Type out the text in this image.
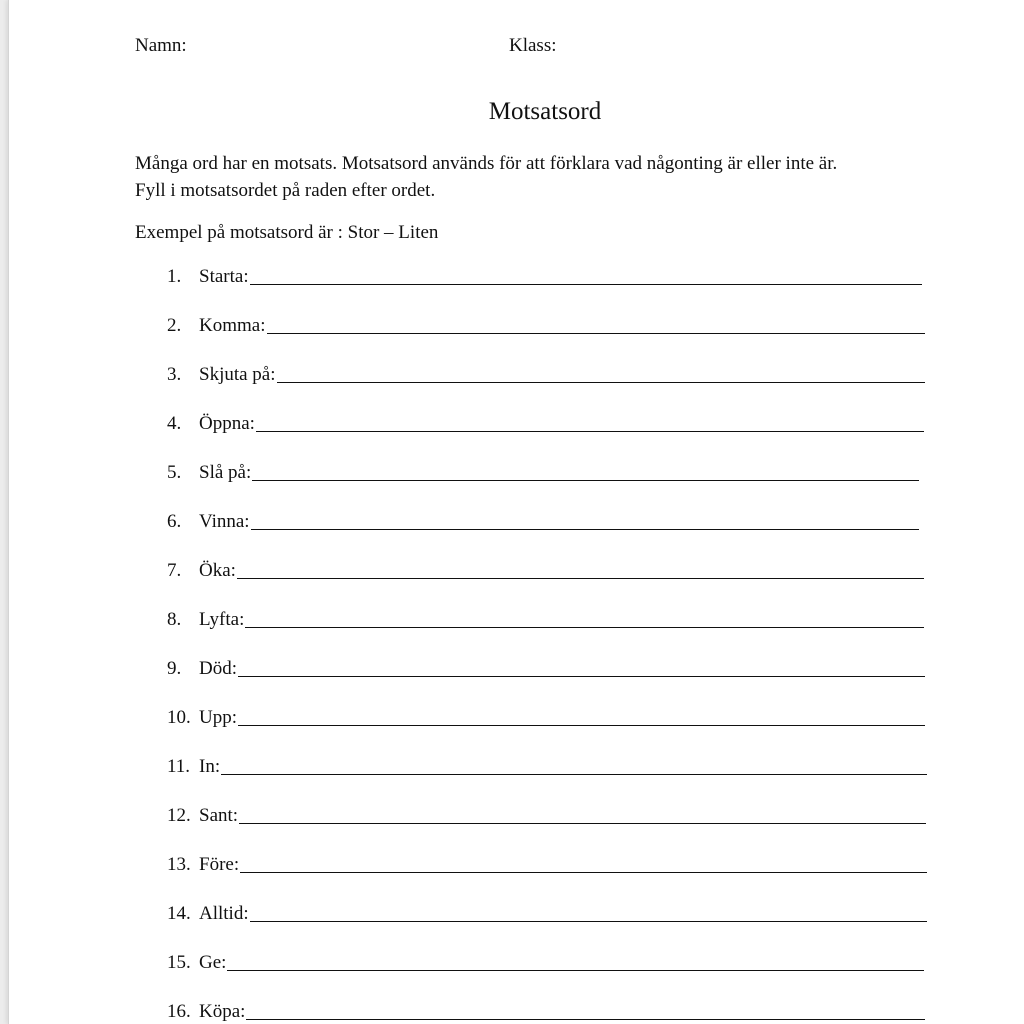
Namn:	Klass:
Motsatsord
Många ord har en motsats. Motsatsord används för att förklara vad någonting är eller inte är.
Fyll i motsatsordet på raden efter ordet.
Exempel på motsatsord är : Stor – Liten
1. Starta:
2. Komma:
3. Skjuta på:
4. Öppna:
5. Slå på:
6. Vinna:
7. Öka:
8. Lyfta:
9. Död:
10. Upp:
11. In:
12. Sant:
13. Före:
14. Alltid:
15. Ge:
16. Köpa:
